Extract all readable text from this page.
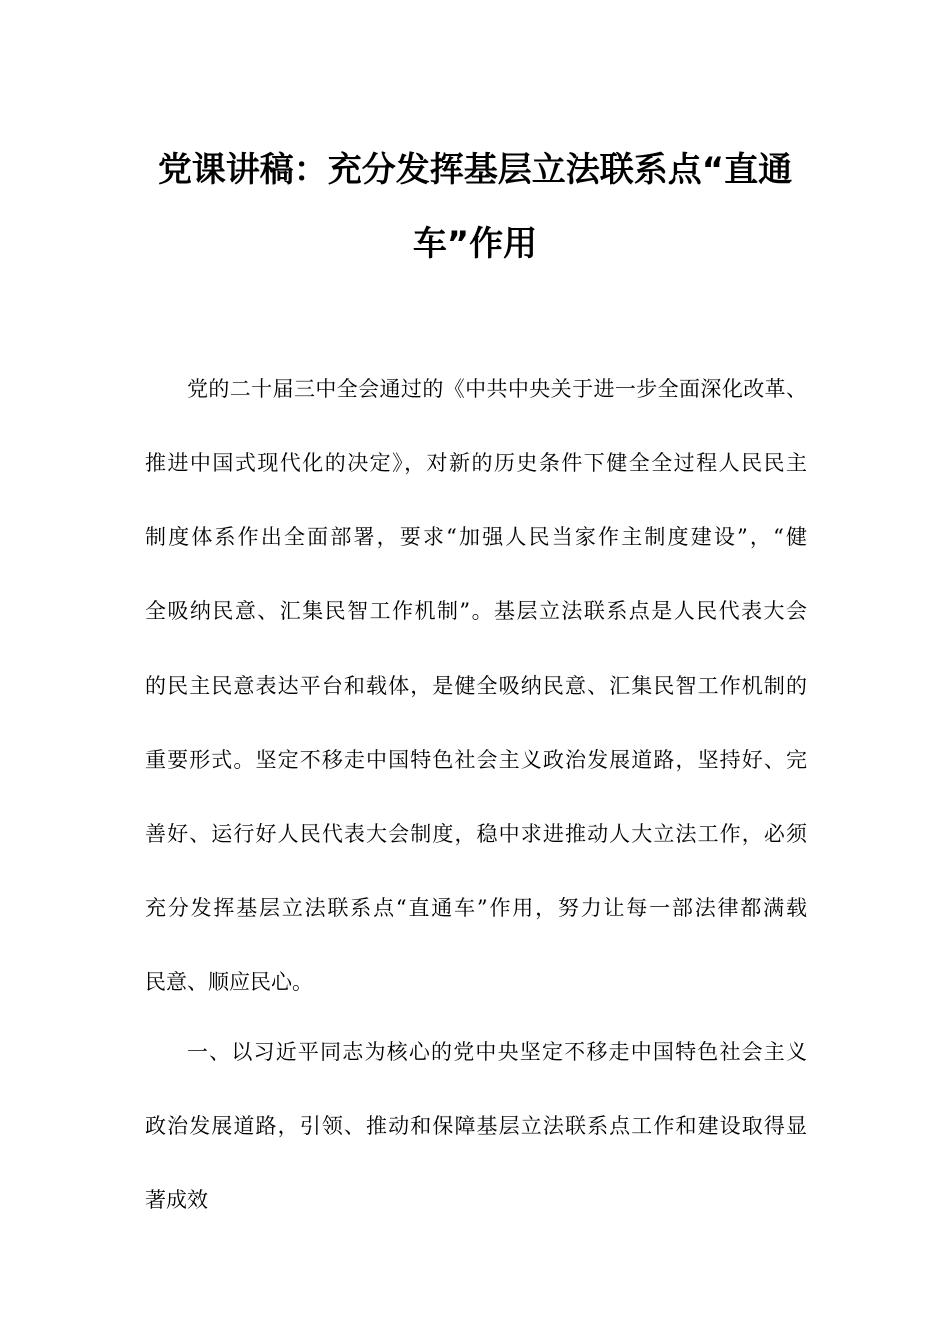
党课讲稿：充分发挥基层立法联系点“直通
车”作用
党的二十届三中全会通过的《中共中央关于进一步全面深化改革、
推进中国式现代化的决定》，对新的历史条件下健全全过程人民民主
制度体系作出全面部署，要求“加强人民当家作主制度建设”，“健
全吸纳民意、汇集民智工作机制”。基层立法联系点是人民代表大会
的民主民意表达平台和载体，是健全吸纳民意、汇集民智工作机制的
重要形式。坚定不移走中国特色社会主义政治发展道路，坚持好、完
善好、运行好人民代表大会制度，稳中求进推动人大立法工作，必须
充分发挥基层立法联系点“直通车”作用，努力让每一部法律都满载
民意、顺应民心。
一、以习近平同志为核心的党中央坚定不移走中国特色社会主义
政治发展道路，引领、推动和保障基层立法联系点工作和建设取得显
著成效
